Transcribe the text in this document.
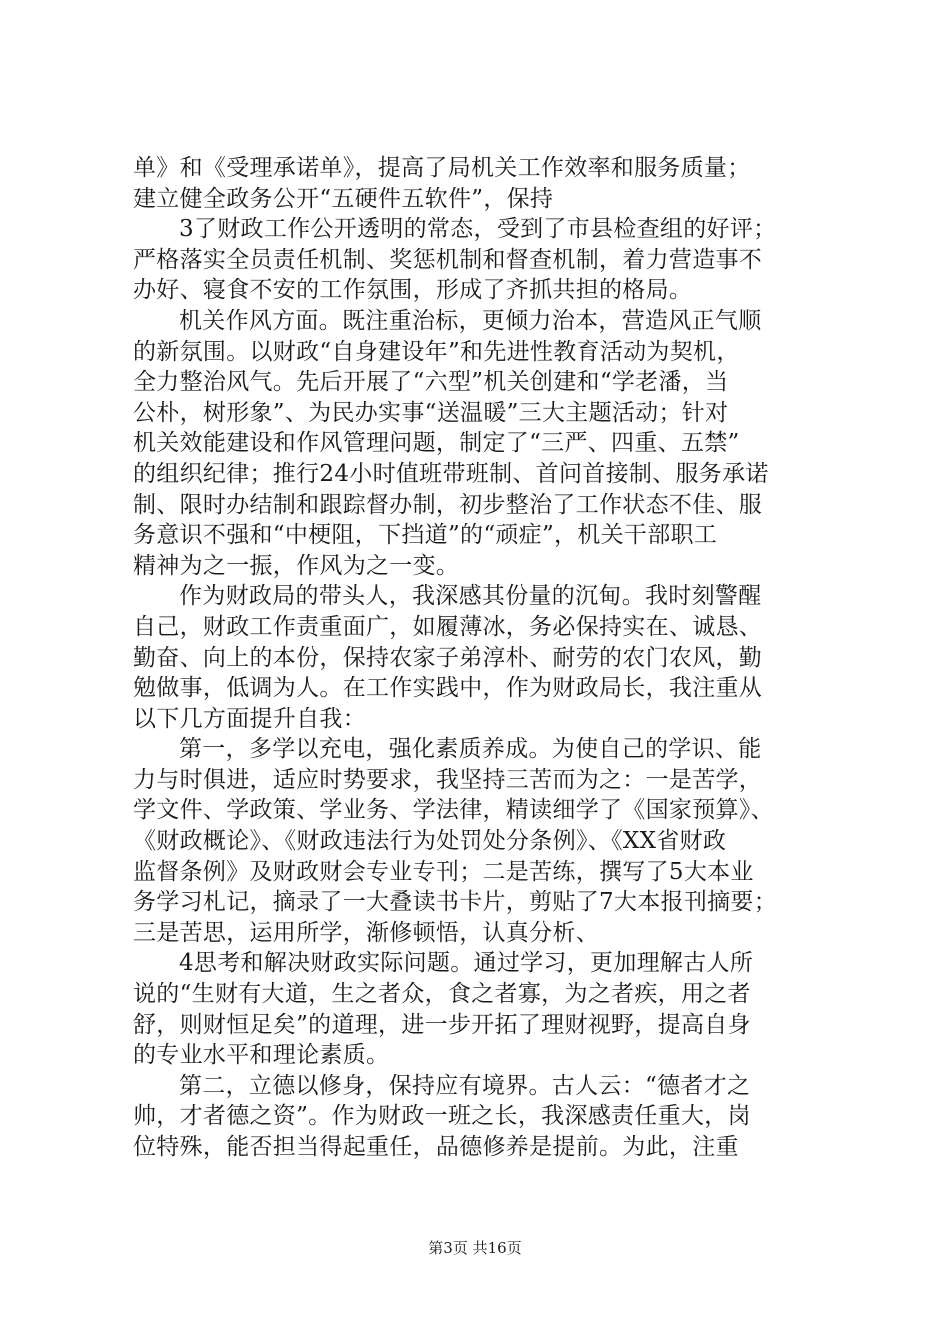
单》和《受理承诺单》，提高了局机关工作效率和服务质量；
建立健全政务公开“五硬件五软件”，保持
3了财政工作公开透明的常态，受到了市县检查组的好评；
严格落实全员责任机制、奖惩机制和督查机制，着力营造事不
办好、寝食不安的工作氛围，形成了齐抓共担的格局。
机关作风方面。既注重治标，更倾力治本，营造风正气顺
的新氛围。以财政“自身建设年”和先进性教育活动为契机，
全力整治风气。先后开展了“六型”机关创建和“学老潘，当
公朴，树形象”、为民办实事“送温暖”三大主题活动；针对
机关效能建设和作风管理问题，制定了“三严、四重、五禁”
的组织纪律；推行24小时值班带班制、首问首接制、服务承诺
制、限时办结制和跟踪督办制，初步整治了工作状态不佳、服
务意识不强和“中梗阻，下挡道”的“顽症”，机关干部职工
精神为之一振，作风为之一变。
作为财政局的带头人，我深感其份量的沉甸。我时刻警醒
自己，财政工作责重面广，如履薄冰，务必保持实在、诚恳、
勤奋、向上的本份，保持农家子弟淳朴、耐劳的农门农风，勤
勉做事，低调为人。在工作实践中，作为财政局长，我注重从
以下几方面提升自我：
第一，多学以充电，强化素质养成。为使自己的学识、能
力与时俱进，适应时势要求，我坚持三苦而为之：一是苦学，
学文件、学政策、学业务、学法律，精读细学了《国家预算》、
《财政概论》、《财政违法行为处罚处分条例》、《XX省财政
监督条例》及财政财会专业专刊；二是苦练，撰写了5大本业
务学习札记，摘录了一大叠读书卡片，剪贴了7大本报刊摘要；
三是苦思，运用所学，渐修顿悟，认真分析、
4思考和解决财政实际问题。通过学习，更加理解古人所
说的“生财有大道，生之者众，食之者寡，为之者疾，用之者
舒，则财恒足矣”的道理，进一步开拓了理财视野，提高自身
的专业水平和理论素质。
第二，立德以修身，保持应有境界。古人云：“德者才之
帅，才者德之资”。作为财政一班之长，我深感责任重大，岗
位特殊，能否担当得起重任，品德修养是提前。为此，注重
第3页 共16页
